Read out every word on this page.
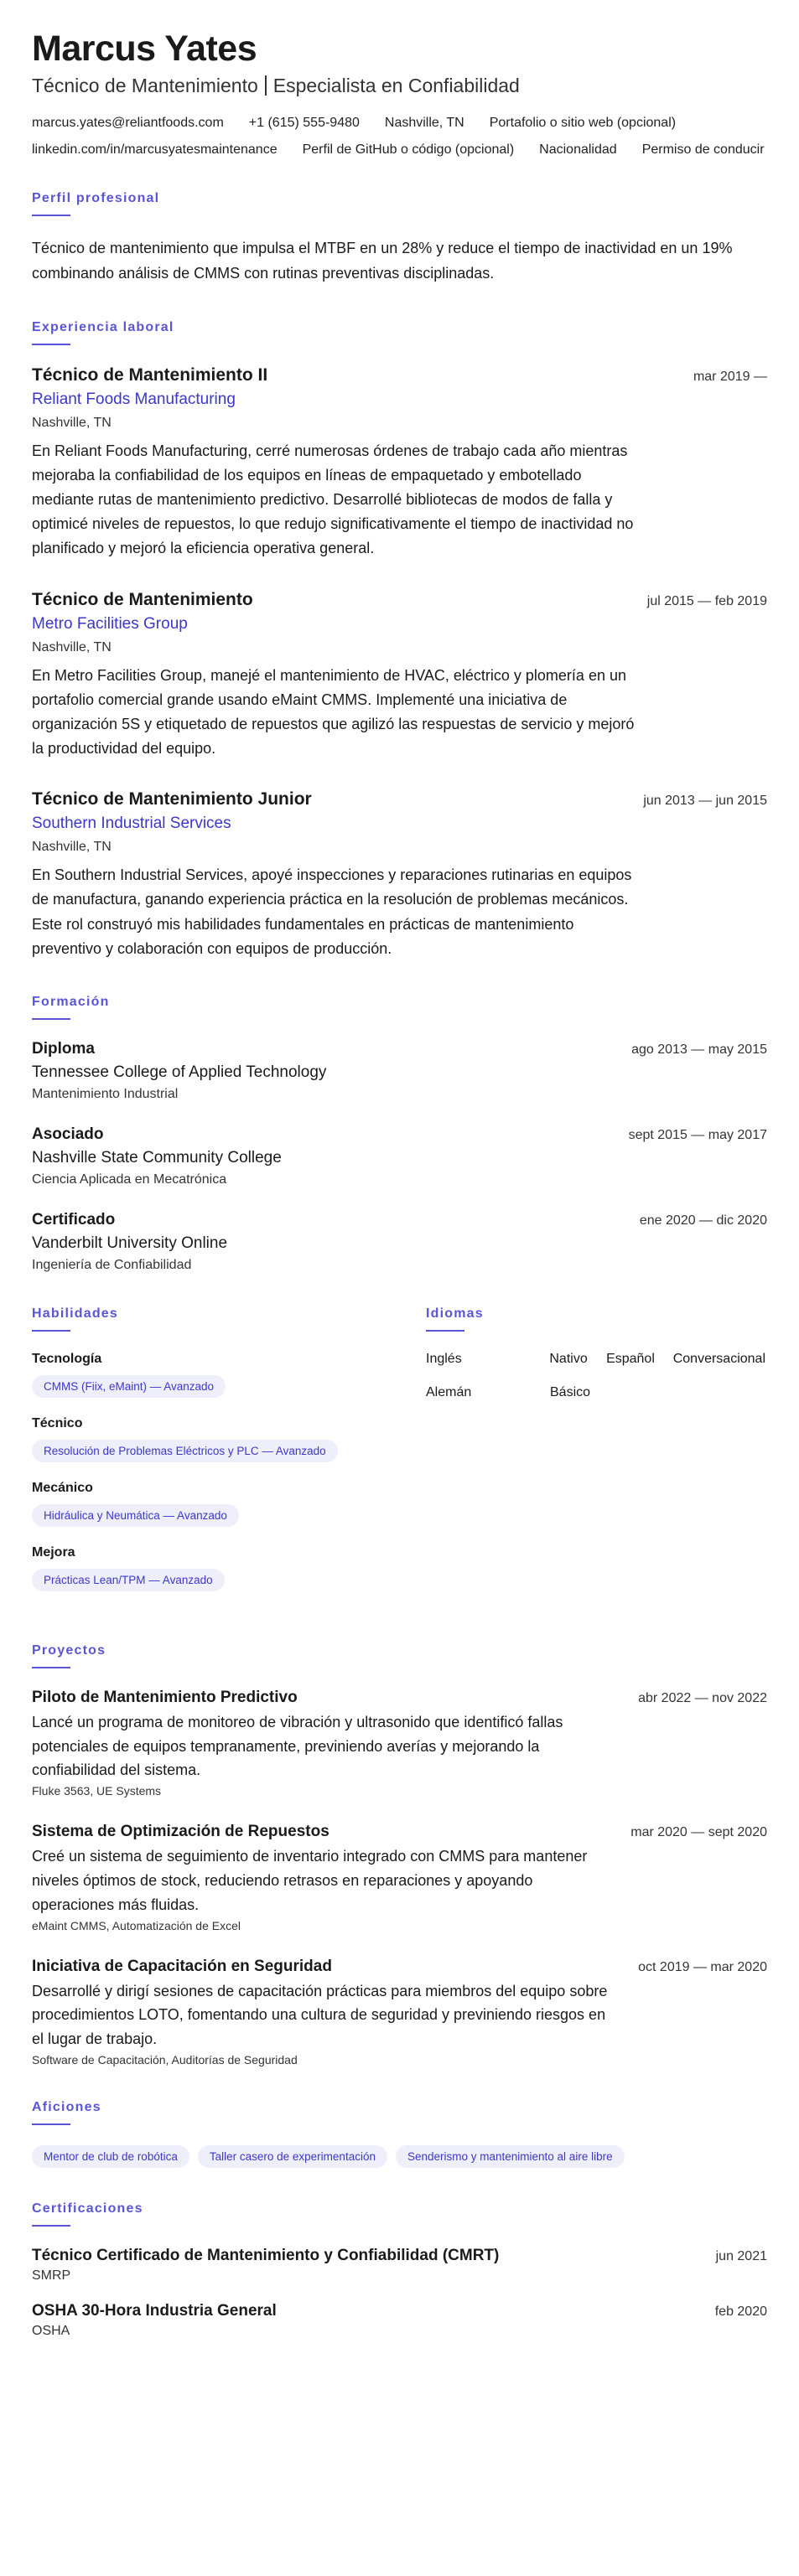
Marcus Yates
Técnico de Mantenimiento Especialista en Confiabilidad
marcus.yates@reliantfoods.com +1 (615) 555-9480 Nashville, TN Portafolio o sitio web (opcional)
linkedin.com/in/marcusyatesmaintenance Perfil de GitHub o código (opcional) Nacionalidad Permiso de conducir
Perfil profesional
Técnico de mantenimiento que impulsa el MTBF en un 28% y reduce el tiempo de inactividad en un 19% combinando análisis de CMMS con rutinas preventivas disciplinadas.
Experiencia laboral
Técnico de Mantenimiento II	mar 2019 —
Reliant Foods Manufacturing
Nashville, TN
En Reliant Foods Manufacturing, cerré numerosas órdenes de trabajo cada año mientras mejoraba la confiabilidad de los equipos en líneas de empaquetado y embotellado mediante rutas de mantenimiento predictivo. Desarrollé bibliotecas de modos de falla y optimicé niveles de repuestos, lo que redujo significativamente el tiempo de inactividad no planificado y mejoró la eficiencia operativa general.
Técnico de Mantenimiento	jul 2015 — feb 2019
Metro Facilities Group
Nashville, TN
En Metro Facilities Group, manejé el mantenimiento de HVAC, eléctrico y plomería en un portafolio comercial grande usando eMaint CMMS. Implementé una iniciativa de organización 5S y etiquetado de repuestos que agilizó las respuestas de servicio y mejoró la productividad del equipo.
Técnico de Mantenimiento Junior	jun 2013 — jun 2015
Southern Industrial Services
Nashville, TN
En Southern Industrial Services, apoyé inspecciones y reparaciones rutinarias en equipos de manufactura, ganando experiencia práctica en la resolución de problemas mecánicos. Este rol construyó mis habilidades fundamentales en prácticas de mantenimiento preventivo y colaboración con equipos de producción.
Formación
Diploma	ago 2013 — may 2015
Tennessee College of Applied Technology
Mantenimiento Industrial
Asociado	sept 2015 — may 2017
Nashville State Community College
Ciencia Aplicada en Mecatrónica
Certificado	ene 2020 — dic 2020
Vanderbilt University Online
Ingeniería de Confiabilidad
Habilidades
Tecnología
CMMS (Fiix, eMaint) — Avanzado
Técnico
Resolución de Problemas Eléctricos y PLC — Avanzado
Mecánico
Hidráulica y Neumática — Avanzado
Mejora
Prácticas Lean/TPM — Avanzado
Idiomas
Inglés	Nativo	Español	Conversacional
Alemán	Básico
Proyectos
Piloto de Mantenimiento Predictivo	abr 2022 — nov 2022
Lancé un programa de monitoreo de vibración y ultrasonido que identificó fallas potenciales de equipos tempranamente, previniendo averías y mejorando la confiabilidad del sistema.
Fluke 3563, UE Systems
Sistema de Optimización de Repuestos	mar 2020 — sept 2020
Creé un sistema de seguimiento de inventario integrado con CMMS para mantener niveles óptimos de stock, reduciendo retrasos en reparaciones y apoyando operaciones más fluidas.
eMaint CMMS, Automatización de Excel
Iniciativa de Capacitación en Seguridad	oct 2019 — mar 2020
Desarrollé y dirigí sesiones de capacitación prácticas para miembros del equipo sobre procedimientos LOTO, fomentando una cultura de seguridad y previniendo riesgos en el lugar de trabajo.
Software de Capacitación, Auditorías de Seguridad
Aficiones
Mentor de club de robótica	Taller casero de experimentación	Senderismo y mantenimiento al aire libre
Certificaciones
Técnico Certificado de Mantenimiento y Confiabilidad (CMRT)	jun 2021
SMRP
OSHA 30-Hora Industria General	feb 2020
OSHA
